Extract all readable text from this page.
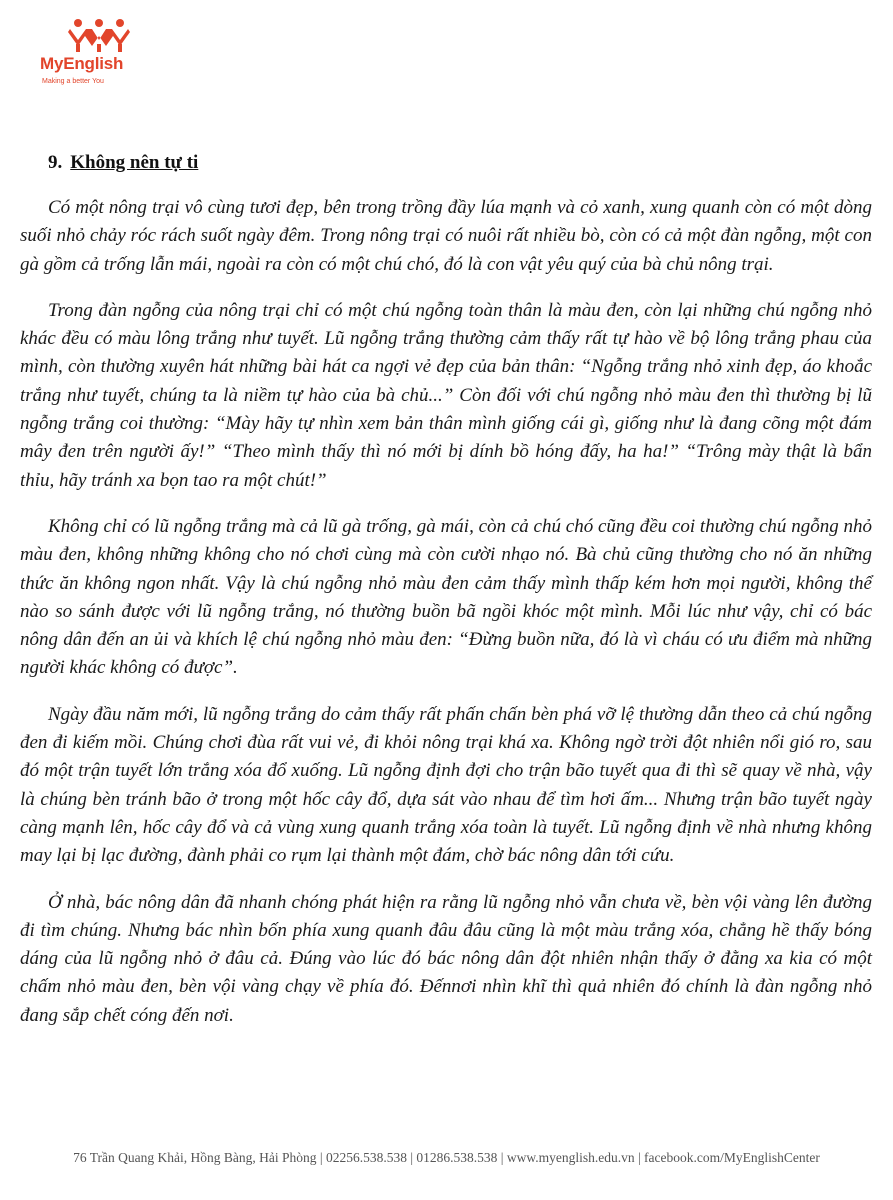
MyEnglish
Making a better You
9. Không nên tự ti

Có một nông trại vô cùng tươi đẹp, bên trong trồng đầy lúa mạnh và cỏ xanh, xung quanh còn có một dòng suối nhỏ chảy róc rách suốt ngày đêm. Trong nông trại có nuôi rất nhiều bò, còn có cả một đàn ngỗng, một con gà gồm cả trống lẫn mái, ngoài ra còn có một chú chó, đó là con vật yêu quý của bà chủ nông trại.

Trong đàn ngỗng của nông trại chỉ có một chú ngỗng toàn thân là màu đen, còn lại những chú ngỗng nhỏ khác đều có màu lông trắng như tuyết. Lũ ngỗng trắng thường cảm thấy rất tự hào về bộ lông trắng phau của mình, còn thường xuyên hát những bài hát ca ngợi vẻ đẹp của bản thân: “Ngỗng trắng nhỏ xinh đẹp, áo khoắc trắng như tuyết, chúng ta là niềm tự hào của bà chủ...” Còn đối với chú ngỗng nhỏ màu đen thì thường bị lũ ngỗng trắng coi thường: “Mày hãy tự nhìn xem bản thân mình giống cái gì, giống như là đang cõng một đám mây đen trên người ấy!” “Theo mình thấy thì nó mới bị dính bồ hóng đấy, ha ha!” “Trông mày thật là bẩn thỉu, hãy tránh xa bọn tao ra một chút!”

Không chỉ có lũ ngỗng trắng mà cả lũ gà trống, gà mái, còn cả chú chó cũng đều coi thường chú ngỗng nhỏ màu đen, không những không cho nó chơi cùng mà còn cười nhạo nó. Bà chủ cũng thường cho nó ăn những thức ăn không ngon nhất. Vậy là chú ngỗng nhỏ màu đen cảm thấy mình thấp kém hơn mọi người, không thể nào so sánh được với lũ ngỗng trắng, nó thường buồn bã ngồi khóc một mình. Mỗi lúc như vậy, chỉ có bác nông dân đến an ủi và khích lệ chú ngỗng nhỏ màu đen: “Đừng buồn nữa, đó là vì cháu có ưu điểm mà những người khác không có được”.

Ngày đầu năm mới, lũ ngỗng trắng do cảm thấy rất phấn chấn bèn phá vỡ lệ thường dẫn theo cả chú ngỗng đen đi kiếm mồi. Chúng chơi đùa rất vui vẻ, đi khỏi nông trại khá xa. Không ngờ trời đột nhiên nổi gió ro, sau đó một trận tuyết lớn trắng xóa đổ xuống. Lũ ngỗng định đợi cho trận bão tuyết qua đi thì sẽ quay về nhà, vậy là chúng bèn tránh bão ở trong một hốc cây đổ, dựa sát vào nhau để tìm hơi ấm... Nhưng trận bão tuyết ngày càng mạnh lên, hốc cây đổ và cả vùng xung quanh trắng xóa toàn là tuyết. Lũ ngỗng định về nhà nhưng không may lại bị lạc đường, đành phải co rụm lại thành một đám, chờ bác nông dân tới cứu.

Ở nhà, bác nông dân đã nhanh chóng phát hiện ra rằng lũ ngỗng nhỏ vẫn chưa về, bèn vội vàng lên đường đi tìm chúng. Nhưng bác nhìn bốn phía xung quanh đâu đâu cũng là một màu trắng xóa, chẳng hề thấy bóng dáng của lũ ngỗng nhỏ ở đâu cả. Đúng vào lúc đó bác nông dân đột nhiên nhận thấy ở đằng xa kia có một chấm nhỏ màu đen, bèn vội vàng chạy về phía đó. Đếnnơi nhìn khĩ thì quả nhiên đó chính là đàn ngỗng nhỏ đang sắp chết cóng đến nơi.

76 Trần Quang Khải, Hồng Bàng, Hải Phòng | 02256.538.538 | 01286.538.538 | www.myenglish.edu.vn | facebook.com/MyEnglishCenter
